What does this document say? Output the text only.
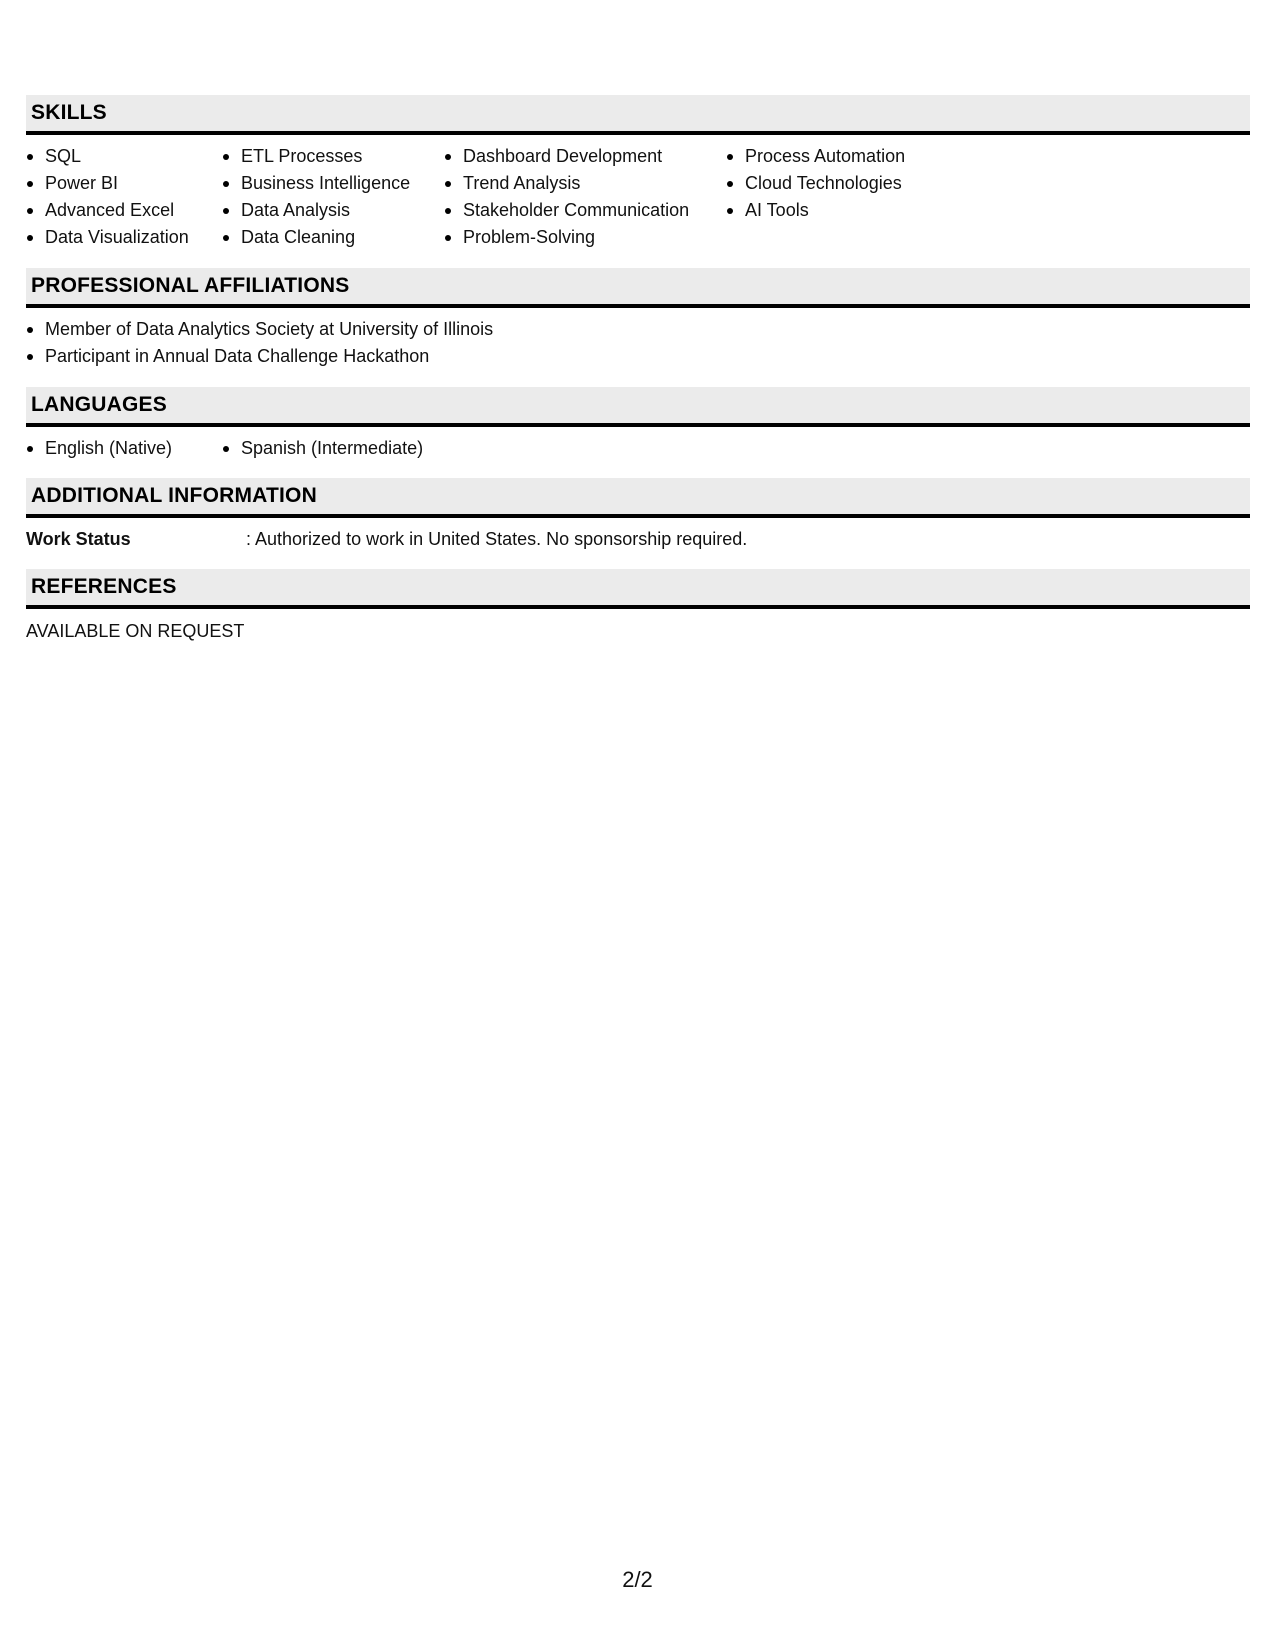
SKILLS
SQL
Power BI
Advanced Excel
Data Visualization
ETL Processes
Business Intelligence
Data Analysis
Data Cleaning
Dashboard Development
Trend Analysis
Stakeholder Communication
Problem-Solving
Process Automation
Cloud Technologies
AI Tools
PROFESSIONAL AFFILIATIONS
Member of Data Analytics Society at University of Illinois
Participant in Annual Data Challenge Hackathon
LANGUAGES
English (Native)	Spanish (Intermediate)
ADDITIONAL INFORMATION
Work Status	: Authorized to work in United States. No sponsorship required.
REFERENCES
AVAILABLE ON REQUEST
2/2
